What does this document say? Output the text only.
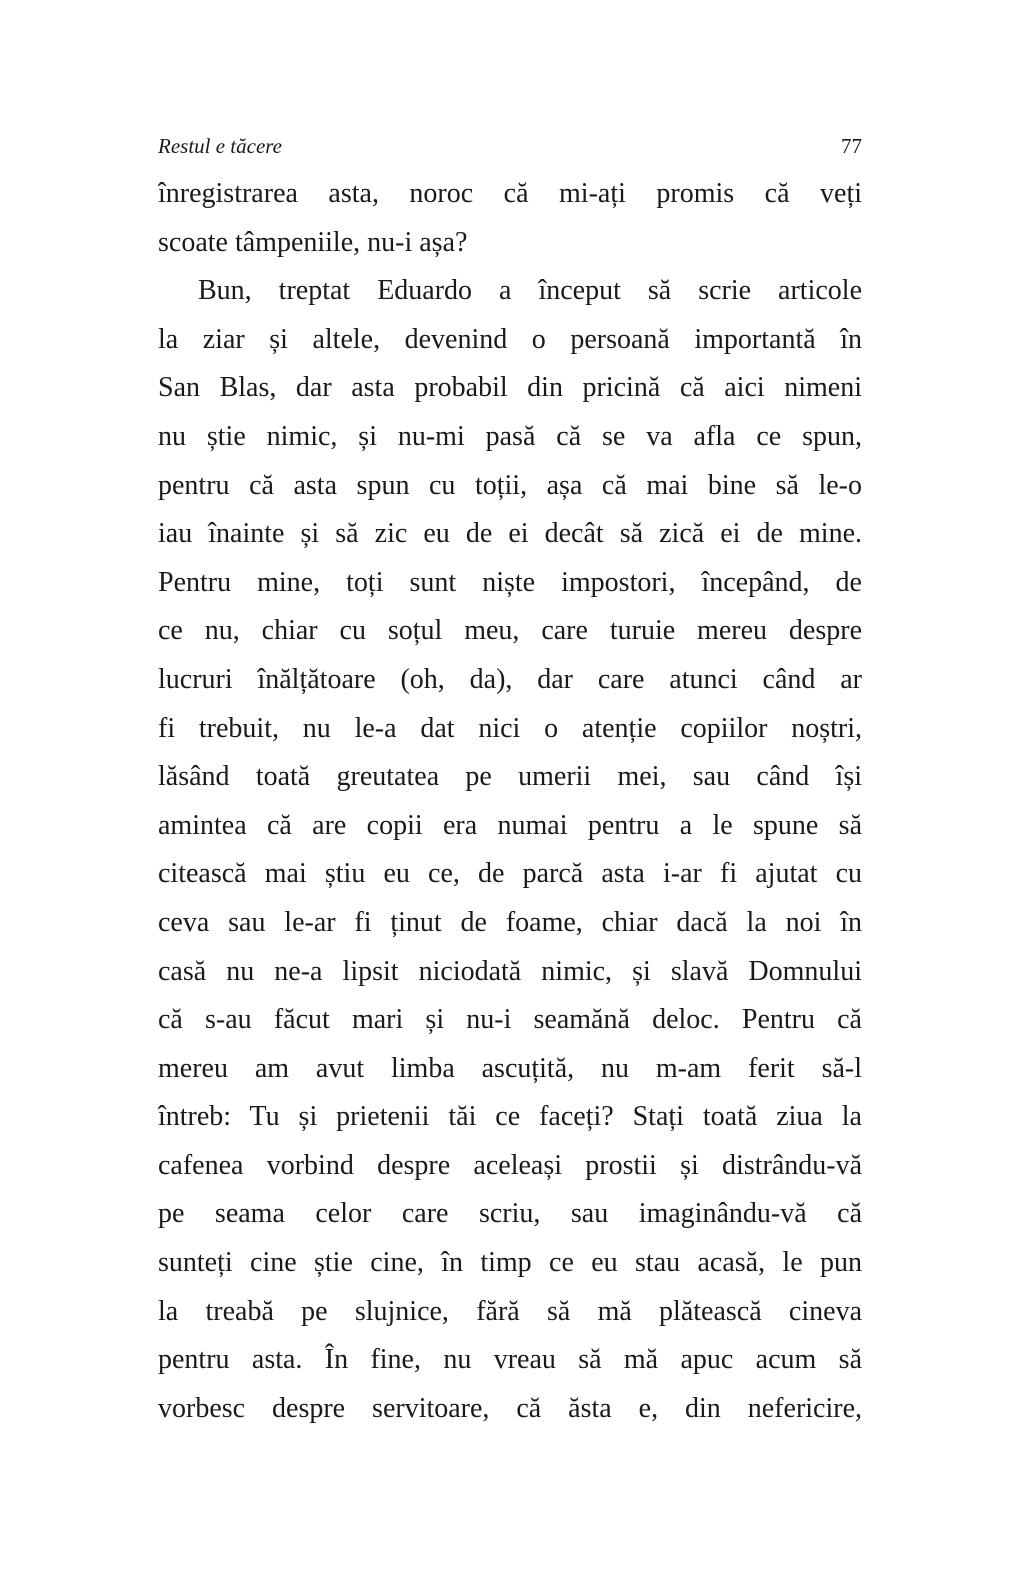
Restul e tăcere	77
înregistrarea asta, noroc că mi-ați promis că veți
scoate tâmpeniile, nu-i așa?
Bun, treptat Eduardo a început să scrie articole
la ziar și altele, devenind o persoană importantă în
San Blas, dar asta probabil din pricină că aici nimeni
nu știe nimic, și nu-mi pasă că se va afla ce spun,
pentru că asta spun cu toții, așa că mai bine să le-o
iau înainte și să zic eu de ei decât să zică ei de mine.
Pentru mine, toți sunt niște impostori, începând, de
ce nu, chiar cu soțul meu, care turuie mereu despre
lucruri înălțătoare (oh, da), dar care atunci când ar
fi trebuit, nu le-a dat nici o atenție copiilor noștri,
lăsând toată greutatea pe umerii mei, sau când își
amintea că are copii era numai pentru a le spune să
citească mai știu eu ce, de parcă asta i-ar fi ajutat cu
ceva sau le-ar fi ținut de foame, chiar dacă la noi în
casă nu ne-a lipsit niciodată nimic, și slavă Domnului
că s-au făcut mari și nu-i seamănă deloc. Pentru că
mereu am avut limba ascuțită, nu m-am ferit să-l
întreb: Tu și prietenii tăi ce faceți? Stați toată ziua la
cafenea vorbind despre aceleași prostii și distrându-vă
pe seama celor care scriu, sau imaginându-vă că
sunteți cine știe cine, în timp ce eu stau acasă, le pun
la treabă pe slujnice, fără să mă plătească cineva
pentru asta. În fine, nu vreau să mă apuc acum să
vorbesc despre servitoare, că ăsta e, din nefericire,
